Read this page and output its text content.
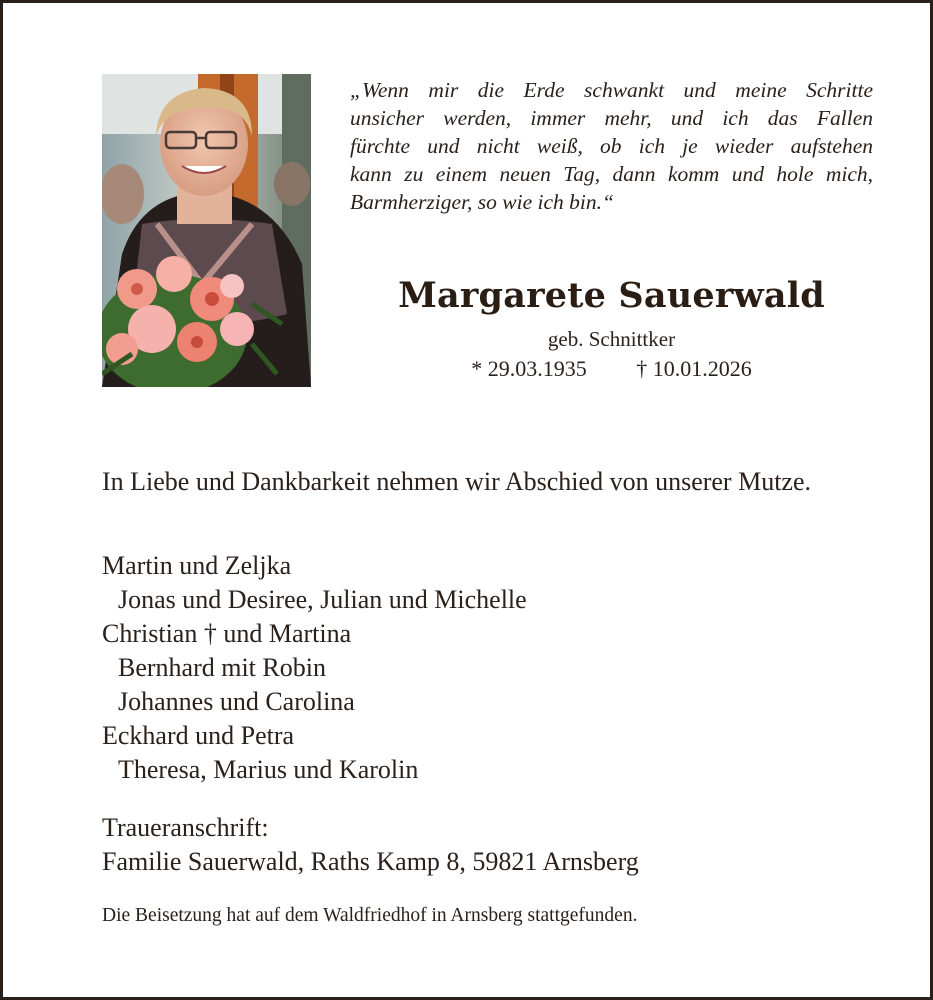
„Wenn mir die Erde schwankt und meine Schritte
unsicher werden, immer mehr, und ich das Fallen
fürchte und nicht weiß, ob ich je wieder aufstehen
kann zu einem neuen Tag, dann komm und hole mich,
Barmherziger, so wie ich bin.“
Margarete Sauerwald
geb. Schnittker
* 29.03.1935 † 10.01.2026
In Liebe und Dankbarkeit nehmen wir Abschied von unserer Mutze.
Martin und Zeljka
Jonas und Desiree, Julian und Michelle
Christian † und Martina
Bernhard mit Robin
Johannes und Carolina
Eckhard und Petra
Theresa, Marius und Karolin
Traueranschrift:
Familie Sauerwald, Raths Kamp 8, 59821 Arnsberg
Die Beisetzung hat auf dem Waldfriedhof in Arnsberg stattgefunden.
